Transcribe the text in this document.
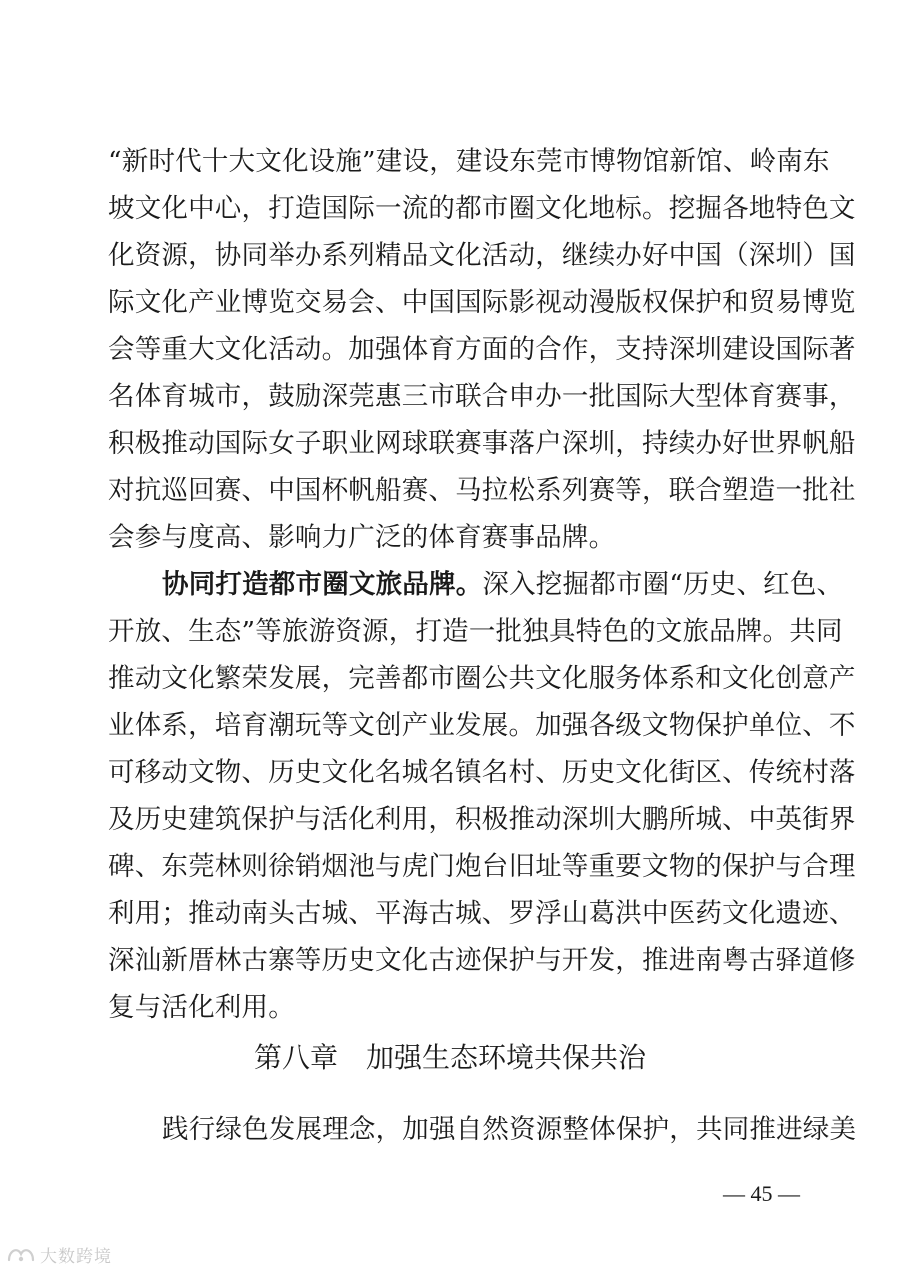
“新时代十大文化设施”建设，建设东莞市博物馆新馆、岭南东
坡文化中心，打造国际一流的都市圈文化地标。挖掘各地特色文
化资源，协同举办系列精品文化活动，继续办好中国（深圳）国
际文化产业博览交易会、中国国际影视动漫版权保护和贸易博览
会等重大文化活动。加强体育方面的合作，支持深圳建设国际著
名体育城市，鼓励深莞惠三市联合申办一批国际大型体育赛事，
积极推动国际女子职业网球联赛事落户深圳，持续办好世界帆船
对抗巡回赛、中国杯帆船赛、马拉松系列赛等，联合塑造一批社
会参与度高、影响力广泛的体育赛事品牌。
协同打造都市圈文旅品牌。深入挖掘都市圈“历史、红色、
开放、生态”等旅游资源，打造一批独具特色的文旅品牌。共同
推动文化繁荣发展，完善都市圈公共文化服务体系和文化创意产
业体系，培育潮玩等文创产业发展。加强各级文物保护单位、不
可移动文物、历史文化名城名镇名村、历史文化街区、传统村落
及历史建筑保护与活化利用，积极推动深圳大鹏所城、中英街界
碑、东莞林则徐销烟池与虎门炮台旧址等重要文物的保护与合理
利用；推动南头古城、平海古城、罗浮山葛洪中医药文化遗迹、
深汕新厝林古寨等历史文化古迹保护与开发，推进南粤古驿道修
复与活化利用。
第八章　加强生态环境共保共治
践行绿色发展理念，加强自然资源整体保护，共同推进绿美
— 45 —
大数跨境
